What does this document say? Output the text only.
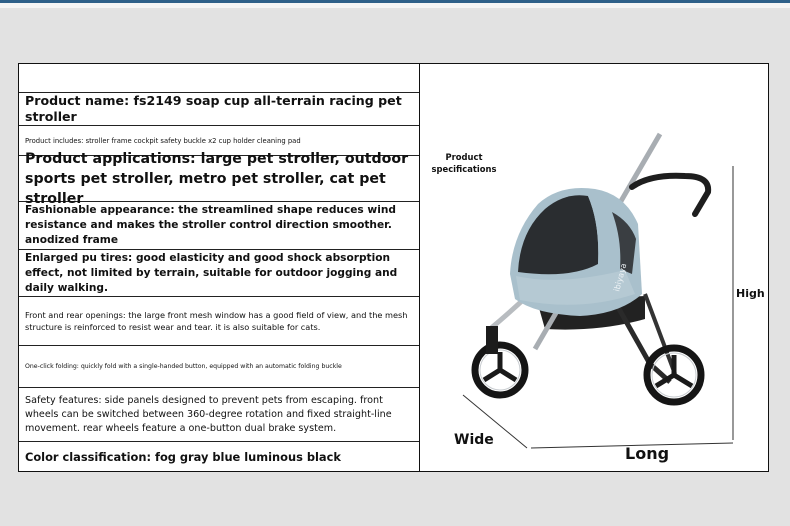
Product name: fs2149 soap cup all-terrain racing pet stroller
Product includes: stroller frame cockpit safety buckle x2 cup holder cleaning pad
Product applications: large pet stroller, outdoor sports pet stroller, metro pet stroller, cat pet stroller
Fashionable appearance: the streamlined shape reduces wind resistance and makes the stroller control direction smoother. anodized frame
Enlarged pu tires: good elasticity and good shock absorption effect, not limited by terrain, suitable for outdoor jogging and daily walking.
Front and rear openings: the large front mesh window has a good field of view, and the mesh structure is reinforced to resist wear and tear. it is also suitable for cats.
One-click folding: quickly fold with a single-handed button, equipped with an automatic folding buckle
Safety features: side panels designed to prevent pets from escaping. front wheels can be switched between 360-degree rotation and fixed straight-line movement. rear wheels feature a one-button dual brake system.
Color classification: fog gray blue luminous black
ibiyaya
Product specifications
High
Wide
Long
